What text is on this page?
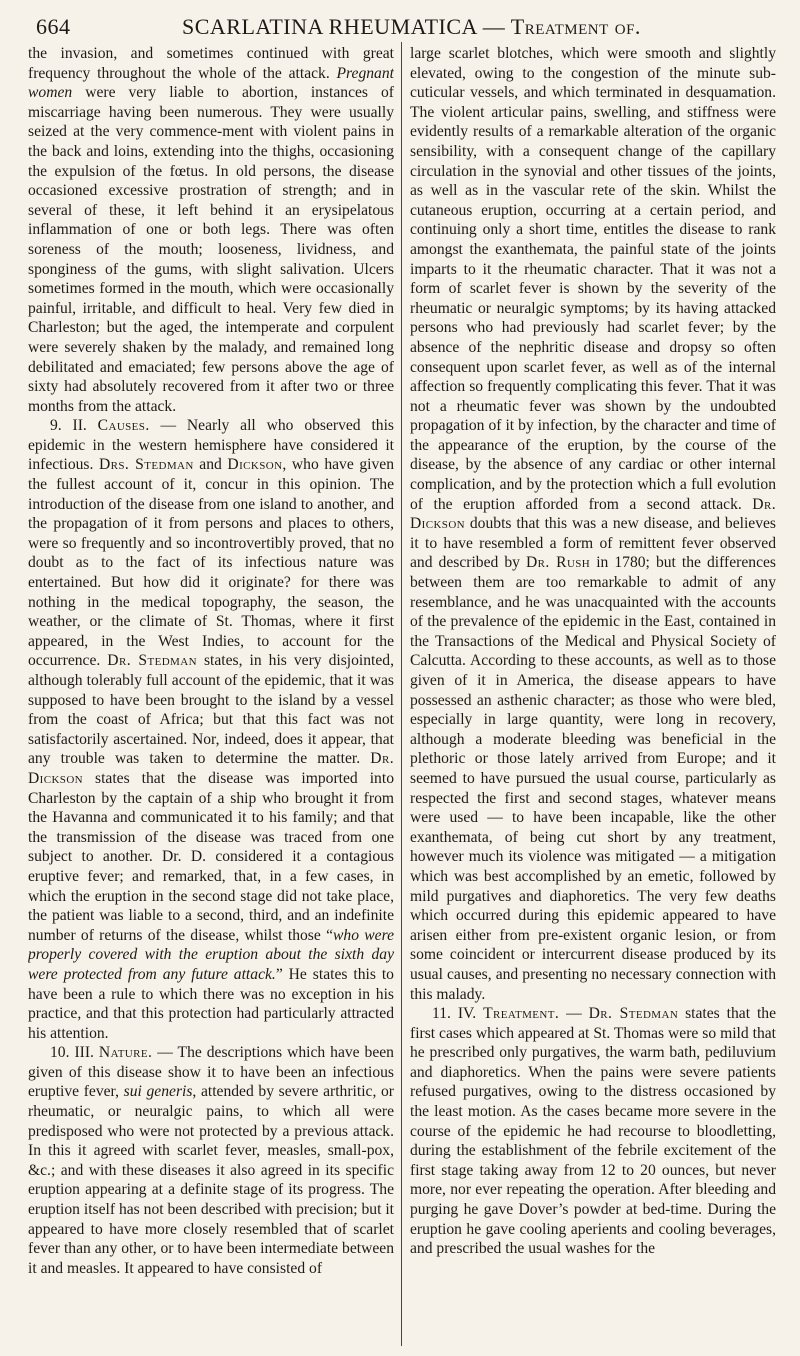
664	SCARLATINA RHEUMATICA — Treatment of.

the invasion, and sometimes continued with great frequency throughout the whole of the attack. Pregnant women were very liable to abortion, instances of miscarriage having been numerous. They were usually seized at the very commence-ment with violent pains in the back and loins, extending into the thighs, occasioning the expulsion of the fœtus. In old persons, the disease occasioned excessive prostration of strength; and in several of these, it left behind it an erysipelatous inflammation of one or both legs. There was often soreness of the mouth; looseness, lividness, and sponginess of the gums, with slight salivation. Ulcers sometimes formed in the mouth, which were occasionally painful, irritable, and difficult to heal. Very few died in Charleston; but the aged, the intemperate and corpulent were severely shaken by the malady, and remained long debilitated and emaciated; few persons above the age of sixty had absolutely recovered from it after two or three months from the attack.

9. II. Causes. — Nearly all who observed this epidemic in the western hemisphere have considered it infectious. Drs. Stedman and Dickson, who have given the fullest account of it, concur in this opinion. The introduction of the disease from one island to another, and the propagation of it from persons and places to others, were so frequently and so incontrovertibly proved, that no doubt as to the fact of its infectious nature was entertained. But how did it originate? for there was nothing in the medical topography, the season, the weather, or the climate of St. Thomas, where it first appeared, in the West Indies, to account for the occurrence. Dr. Stedman states, in his very disjointed, although tolerably full account of the epidemic, that it was supposed to have been brought to the island by a vessel from the coast of Africa; but that this fact was not satisfactorily ascertained. Nor, indeed, does it appear, that any trouble was taken to determine the matter. Dr. Dickson states that the disease was imported into Charleston by the captain of a ship who brought it from the Havanna and communicated it to his family; and that the transmission of the disease was traced from one subject to another. Dr. D. considered it a contagious eruptive fever; and remarked, that, in a few cases, in which the eruption in the second stage did not take place, the patient was liable to a second, third, and an indefinite number of returns of the disease, whilst those “who were properly covered with the eruption about the sixth day were protected from any future attack.” He states this to have been a rule to which there was no exception in his practice, and that this protection had particularly attracted his attention.

10. III. Nature. — The descriptions which have been given of this disease show it to have been an infectious eruptive fever, sui generis, attended by severe arthritic, or rheumatic, or neuralgic pains, to which all were predisposed who were not protected by a previous attack. In this it agreed with scarlet fever, measles, small-pox, &c.; and with these diseases it also agreed in its specific eruption appearing at a definite stage of its progress. The eruption itself has not been described with precision; but it appeared to have more closely resembled that of scarlet fever than any other, or to have been intermediate between it and measles. It appeared to have consisted of

large scarlet blotches, which were smooth and slightly elevated, owing to the congestion of the minute sub-cuticular vessels, and which terminated in desquamation. The violent articular pains, swelling, and stiffness were evidently results of a remarkable alteration of the organic sensibility, with a consequent change of the capillary circulation in the synovial and other tissues of the joints, as well as in the vascular rete of the skin. Whilst the cutaneous eruption, occurring at a certain period, and continuing only a short time, entitles the disease to rank amongst the exanthemata, the painful state of the joints imparts to it the rheumatic character. That it was not a form of scarlet fever is shown by the severity of the rheumatic or neuralgic symptoms; by its having attacked persons who had previously had scarlet fever; by the absence of the nephritic disease and dropsy so often consequent upon scarlet fever, as well as of the internal affection so frequently complicating this fever. That it was not a rheumatic fever was shown by the undoubted propagation of it by infection, by the character and time of the appearance of the eruption, by the course of the disease, by the absence of any cardiac or other internal complication, and by the protection which a full evolution of the eruption afforded from a second attack. Dr. Dickson doubts that this was a new disease, and believes it to have resembled a form of remittent fever observed and described by Dr. Rush in 1780; but the differences between them are too remarkable to admit of any resemblance, and he was unacquainted with the accounts of the prevalence of the epidemic in the East, contained in the Transactions of the Medical and Physical Society of Calcutta. According to these accounts, as well as to those given of it in America, the disease appears to have possessed an asthenic character; as those who were bled, especially in large quantity, were long in recovery, although a moderate bleeding was beneficial in the plethoric or those lately arrived from Europe; and it seemed to have pursued the usual course, particularly as respected the first and second stages, whatever means were used — to have been incapable, like the other exanthemata, of being cut short by any treatment, however much its violence was mitigated — a mitigation which was best accomplished by an emetic, followed by mild purgatives and diaphoretics. The very few deaths which occurred during this epidemic appeared to have arisen either from pre-existent organic lesion, or from some coincident or intercurrent disease produced by its usual causes, and presenting no necessary connection with this malady.

11. IV. Treatment. — Dr. Stedman states that the first cases which appeared at St. Thomas were so mild that he prescribed only purgatives, the warm bath, pediluvium and diaphoretics. When the pains were severe patients refused purgatives, owing to the distress occasioned by the least motion. As the cases became more severe in the course of the epidemic he had recourse to bloodletting, during the establishment of the febrile excitement of the first stage taking away from 12 to 20 ounces, but never more, nor ever repeating the operation. After bleeding and purging he gave Dover’s powder at bed-time. During the eruption he gave cooling aperients and cooling beverages, and prescribed the usual washes for the
